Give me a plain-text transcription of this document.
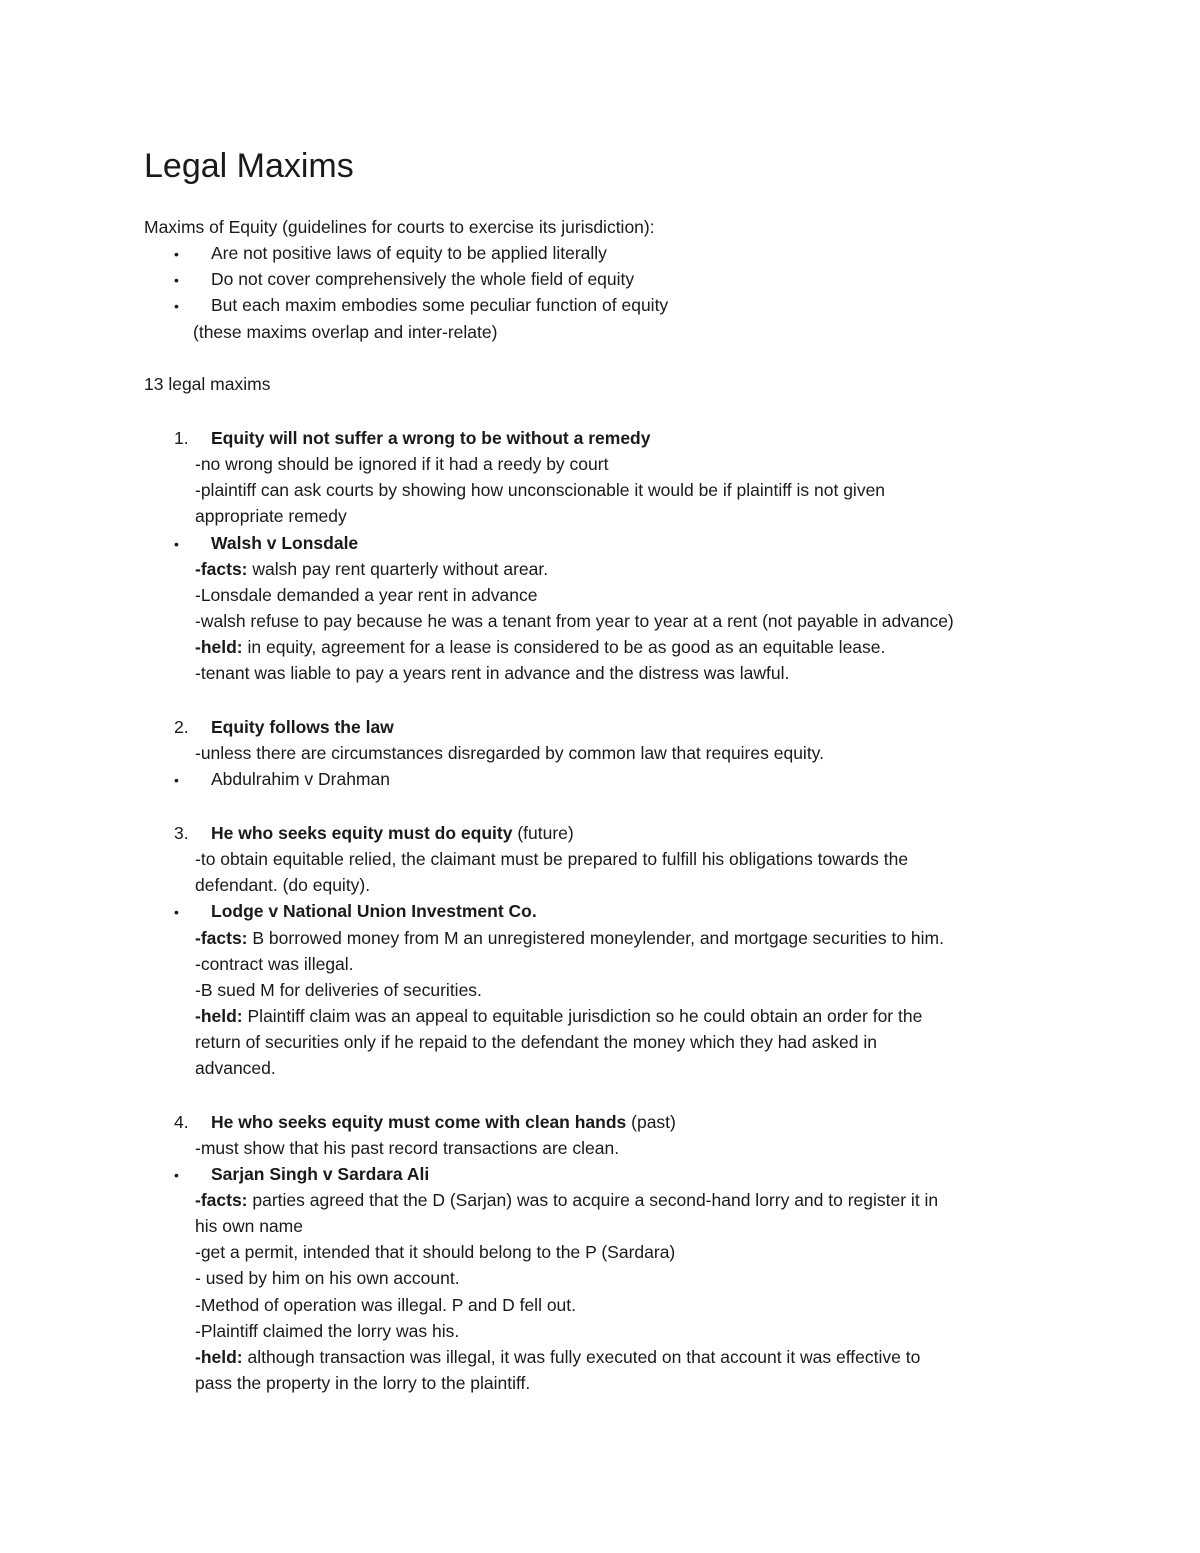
Legal Maxims
Maxims of Equity (guidelines for courts to exercise its jurisdiction):
• Are not positive laws of equity to be applied literally
• Do not cover comprehensively the whole field of equity
• But each maxim embodies some peculiar function of equity
(these maxims overlap and inter-relate)
13 legal maxims
1. Equity will not suffer a wrong to be without a remedy
-no wrong should be ignored if it had a reedy by court
-plaintiff can ask courts by showing how unconscionable it would be if plaintiff is not given
appropriate remedy
• Walsh v Lonsdale
-facts: walsh pay rent quarterly without arear.
-Lonsdale demanded a year rent in advance
-walsh refuse to pay because he was a tenant from year to year at a rent (not payable in advance)
-held: in equity, agreement for a lease is considered to be as good as an equitable lease.
-tenant was liable to pay a years rent in advance and the distress was lawful.
2. Equity follows the law
-unless there are circumstances disregarded by common law that requires equity.
• Abdulrahim v Drahman
3. He who seeks equity must do equity (future)
-to obtain equitable relied, the claimant must be prepared to fulfill his obligations towards the
defendant. (do equity).
• Lodge v National Union Investment Co.
-facts: B borrowed money from M an unregistered moneylender, and mortgage securities to him.
-contract was illegal.
-B sued M for deliveries of securities.
-held: Plaintiff claim was an appeal to equitable jurisdiction so he could obtain an order for the
return of securities only if he repaid to the defendant the money which they had asked in
advanced.
4. He who seeks equity must come with clean hands (past)
-must show that his past record transactions are clean.
• Sarjan Singh v Sardara Ali
-facts: parties agreed that the D (Sarjan) was to acquire a second-hand lorry and to register it in
his own name
-get a permit, intended that it should belong to the P (Sardara)
- used by him on his own account.
-Method of operation was illegal. P and D fell out.
-Plaintiff claimed the lorry was his.
-held: although transaction was illegal, it was fully executed on that account it was effective to
pass the property in the lorry to the plaintiff.
